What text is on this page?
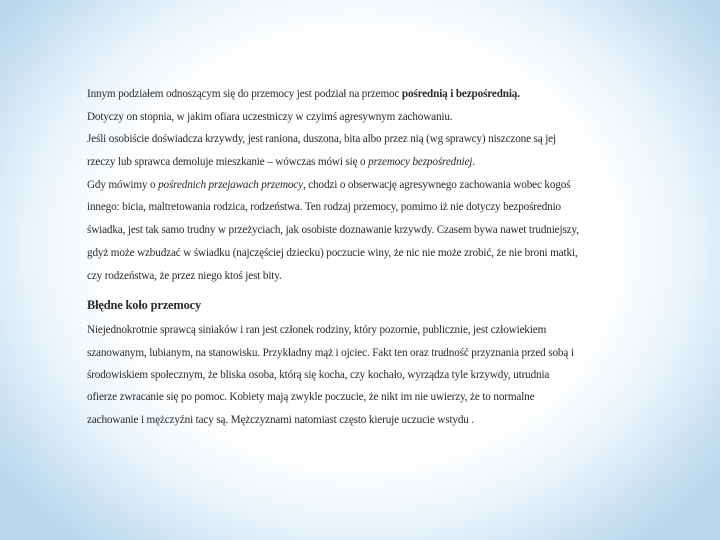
Innym podziałem odnoszącym się do przemocy jest podział na przemoc pośrednią i bezpośrednią.
Dotyczy on stopnia, w jakim ofiara uczestniczy w czyimś agresywnym zachowaniu.
Jeśli osobiście doświadcza krzywdy, jest raniona, duszona, bita albo przez nią (wg sprawcy) niszczone są jej
rzeczy lub sprawca demoluje mieszkanie – wówczas mówi się o przemocy bezpośredniej.
Gdy mówimy o pośrednich przejawach przemocy, chodzi o obserwację agresywnego zachowania wobec kogoś
innego: bicia, maltretowania rodzica, rodzeństwa. Ten rodzaj przemocy, pomimo iż nie dotyczy bezpośrednio
świadka, jest tak samo trudny w przeżyciach, jak osobiste doznawanie krzywdy. Czasem bywa nawet trudniejszy,
gdyż może wzbudzać w świadku (najczęściej dziecku) poczucie winy, że nic nie może zrobić, że nie broni matki,
czy rodzeństwa, że przez niego ktoś jest bity.
Błędne koło przemocy
Niejednokrotnie sprawcą siniaków i ran jest członek rodziny, który pozornie, publicznie, jest człowiekiem
szanowanym, lubianym, na stanowisku. Przykładny mąż i ojciec. Fakt ten oraz trudność przyznania przed sobą i
środowiskiem społecznym, że bliska osoba, którą się kocha, czy kochało, wyrządza tyle krzywdy, utrudnia
ofierze zwracanie się po pomoc. Kobiety mają zwykle poczucie, że nikt im nie uwierzy, że to normalne
zachowanie i mężczyźni tacy są. Mężczyznami natomiast często kieruje uczucie wstydu .
